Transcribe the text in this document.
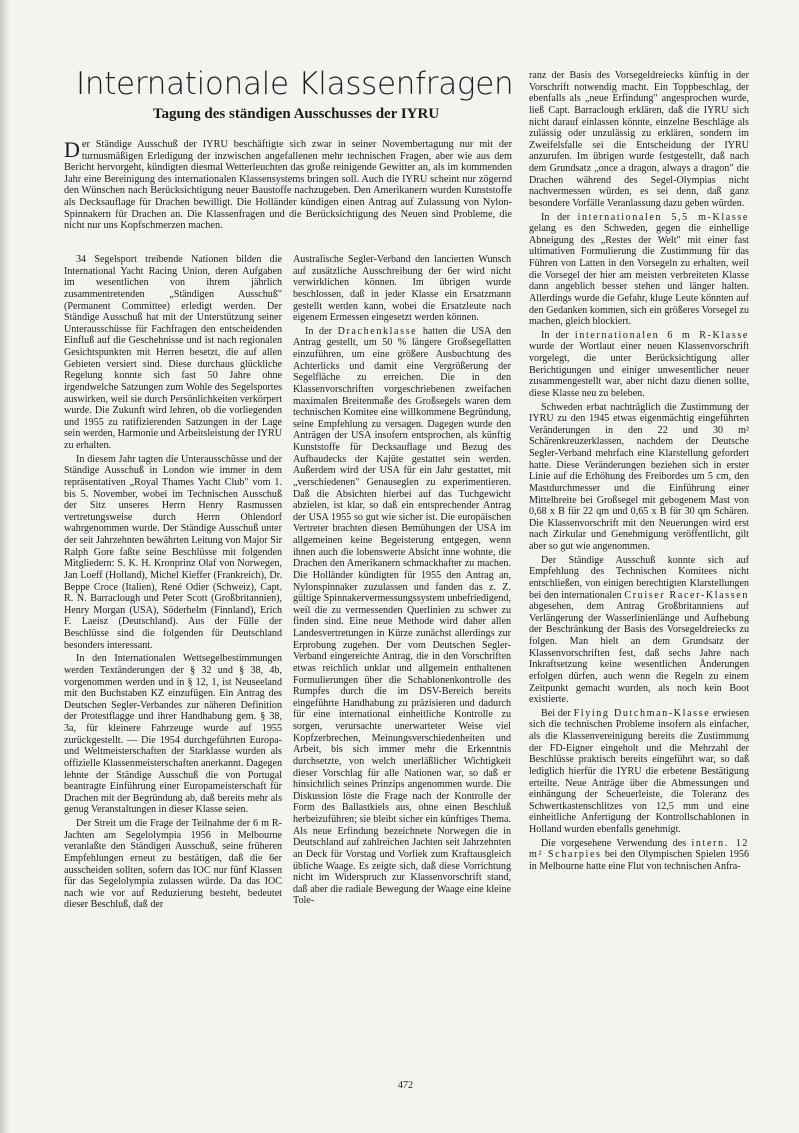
Internationale Klassenfragen
Tagung des ständigen Ausschusses der IYRU

Der Ständige Ausschuß der IYRU beschäftigte sich zwar in seiner Novembertagung nur mit der turnusmäßigen Erledigung der inzwischen angefallenen mehr technischen Fragen, aber wie aus dem Bericht hervorgeht, kündigten diesmal Wetterleuchten das große reinigende Gewitter an, als im kommenden Jahr eine Bereinigung des internationalen Klassensystems bringen soll. Auch die IYRU scheint nur zögernd den Wünschen nach Berücksichtigung neuer Baustoffe nachzugeben. Den Amerikanern wurden Kunststoffe als Decksauflage für Drachen bewilligt. Die Holländer kündigen einen Antrag auf Zulassung von Nylon-Spinnakern für Drachen an. Die Klassenfragen und die Berücksichtigung des Neuen sind Probleme, die nicht nur uns Kopfschmerzen machen.

34 Segelsport treibende Nationen bilden die International Yacht Racing Union, deren Aufgaben im wesentlichen von ihrem jährlich zusammentretenden „Ständigen Ausschuß" (Permanent Committee) erledigt werden. Der Ständige Ausschuß hat mit der Unterstützung seiner Unterausschüsse für Fachfragen den entscheidenden Einfluß auf die Geschehnisse und ist nach regionalen Gesichtspunkten mit Herren besetzt, die auf allen Gebieten versiert sind. Diese durchaus glückliche Regelung konnte sich fast 50 Jahre ohne irgendwelche Satzungen zum Wohle des Segelsportes auswirken, weil sie durch Persönlichkeiten verkörpert wurde. Die Zukunft wird lehren, ob die vorliegenden und 1955 zu ratifizierenden Satzungen in der Lage sein werden, Harmonie und Arbeitsleistung der IYRU zu erhalten.

In diesem Jahr tagten die Unterausschüsse und der Ständige Ausschuß in London wie immer in dem repräsentativen „Royal Thames Yacht Club" vom 1. bis 5. November, wobei im Technischen Ausschuß der Sitz unseres Herrn Henry Rasmussen vertretungsweise durch Herrn Ohlendorf wahrgenommen wurde. Der Ständige Ausschuß unter der seit Jahrzehnten bewährten Leitung von Major Sir Ralph Gore faßte seine Beschlüsse mit folgenden Mitgliedern: S. K. H. Kronprinz Olaf von Norwegen, Jan Loeff (Holland), Michel Kieffer (Frankreich), Dr. Beppe Croce (Italien), René Odier (Schweiz), Capt. R. N. Barraclough und Peter Scott (Großbritannien), Henry Morgan (USA), Söderhelm (Finnland), Erich F. Laeisz (Deutschland). Aus der Fülle der Beschlüsse sind die folgenden für Deutschland besonders interessant.

In den Internationalen Wettsegelbestimmungen werden Textänderungen der § 32 und § 38, 4b, vorgenommen werden und in § 12, 1, ist Neuseeland mit den Buchstaben KZ einzufügen. Ein Antrag des Deutschen Segler-Verbandes zur näheren Definition der Protestflagge und ihrer Handhabung gem. § 38, 3a, für kleinere Fahrzeuge wurde auf 1955 zurückgestellt. — Die 1954 durchgeführten Europa- und Weltmeisterschaften der Starklasse wurden als offizielle Klassenmeisterschaften anerkannt. Dagegen lehnte der Ständige Ausschuß die von Portugal beantragte Einführung einer Europameisterschaft für Drachen mit der Begründung ab, daß bereits mehr als genug Veranstaltungen in dieser Klasse seien.

Der Streit um die Frage der Teilnahme der 6 m R-Jachten am Segelolympia 1956 in Melbourne veranlaßte den Ständigen Ausschuß, seine früheren Empfehlungen erneut zu bestätigen, daß die 6er ausscheiden sollten, sofern das IOC nur fünf Klassen für das Segelolympia zulassen würde. Da das IOC nach wie vor auf Reduzierung besteht, bedeutet dieser Beschluß, daß der

Australische Segler-Verband den lancierten Wunsch auf zusätzliche Ausschreibung der 6er wird nicht verwirklichen können. Im übrigen wurde beschlossen, daß in jeder Klasse ein Ersatzmann gestellt werden kann, wobei die Ersatzleute nach eigenem Ermessen eingesetzt werden können.

In der Drachenklasse hatten die USA den Antrag gestellt, um 50 % längere Großsegellatten einzuführen, um eine größere Ausbuchtung des Achterlicks und damit eine Vergrößerung der Segelfläche zu erreichen. Die in den Klassenvorschriften vorgeschriebenen zweifachen maximalen Breitenmaße des Großsegels waren dem technischen Komitee eine willkommene Begründung, seine Empfehlung zu versagen. Dagegen wurde den Anträgen der USA insofern entsprochen, als künftig Kunststoffe für Decksauflage und Bezug des Aufbaudecks der Kajüte gestattet sein werden. Außerdem wird der USA für ein Jahr gestattet, mit „verschiedenen" Genauseglen zu experimentieren. Daß die Absichten hierbei auf das Tuchgewicht abzielen, ist klar, so daß ein entsprechender Antrag der USA 1955 so gut wie sicher ist. Die europäischen Vertreter brachten diesen Bemühungen der USA im allgemeinen keine Begeisterung entgegen, wenn ihnen auch die lobenswerte Absicht inne wohnte, die Drachen den Amerikanern schmackhafter zu machen. Die Holländer kündigten für 1955 den Antrag an, Nylonspinnaker zuzulassen und fanden das z. Z. gültige Spinnakervermessungssystem unbefriedigend, weil die zu vermessenden Querlinien zu schwer zu finden sind. Eine neue Methode wird daher allen Landesvertretungen in Kürze zunächst allerdings zur Erprobung zugehen. Der vom Deutschen Segler-Verband eingereichte Antrag, die in den Vorschriften etwas reichlich unklar und allgemein enthaltenen Formulierungen über die Schablonenkontrolle des Rumpfes durch die im DSV-Bereich bereits eingeführte Handhabung zu präzisieren und dadurch für eine international einheitliche Kontrolle zu sorgen, verursachte unerwarteter Weise viel Kopfzerbrechen, Meinungsverschiedenheiten und Arbeit, bis sich immer mehr die Erkenntnis durchsetzte, von welch unerläßlicher Wichtigkeit dieser Vorschlag für alle Nationen war, so daß er hinsichtlich seines Prinzips angenommen wurde. Die Diskussion löste die Frage nach der Kontrolle der Form des Ballastkiels aus, ohne einen Beschluß herbeizuführen; sie bleibt sicher ein künftiges Thema. Als neue Erfindung bezeichnete Norwegen die in Deutschland auf zahlreichen Jachten seit Jahrzehnten an Deck für Vorstag und Vorliek zum Kraftausgleich übliche Waage. Es zeigte sich, daß diese Vorrichtung nicht im Widerspruch zur Klassenvorschrift stand, daß aber die radiale Bewegung der Waage eine kleine Tole-

ranz der Basis des Vorsegeldreiecks künftig in der Vorschrift notwendig macht. Ein Toppbeschlag, der ebenfalls als „neue Erfindung" angesprochen wurde, ließ Capt. Barraclough erklären, daß die IYRU sich nicht darauf einlassen könnte, einzelne Beschläge als zulässig oder unzulässig zu erklären, sondern im Zweifelsfalle sei die Entscheidung der IYRU anzurufen. Im übrigen wurde festgestellt, daß nach dem Grundsatz „once a dragon, always a dragon" die Drachen während des Segel-Olympias nicht nachvermessen würden, es sei denn, daß ganz besondere Vorfälle Veranlassung dazu geben würden.

In der internationalen 5,5 m-Klasse gelang es den Schweden, gegen die einhellige Abneigung des „Restes der Welt" mit einer fast ultimativen Formulierung die Zustimmung für das Führen von Latten in den Vorsegeln zu erhalten, weil die Vorsegel der hier am meisten verbreiteten Klasse dann angeblich besser stehen und länger halten. Allerdings wurde die Gefahr, kluge Leute könnten auf den Gedanken kommen, sich ein größeres Vorsegel zu machen, gleich blockiert.

In der internationalen 6 m R-Klasse wurde der Wortlaut einer neuen Klassenvorschrift vorgelegt, die unter Berücksichtigung aller Berichtigungen und einiger unwesentlicher neuer zusammengestellt war, aber nicht dazu dienen sollte, diese Klasse neu zu beleben.

Schweden erbat nachträglich die Zustimmung der IYRU zu den 1945 etwas eigenmächtig eingeführten Veränderungen in den 22 und 30 m² Schärenkreuzerklassen, nachdem der Deutsche Segler-Verband mehrfach eine Klarstellung gefordert hatte. Diese Veränderungen beziehen sich in erster Linie auf die Erhöhung des Freibordes um 5 cm, den Mastdurchmesser und die Einführung einer Mittelbreite bei Großsegel mit gebogenem Mast von 0,68 x B für 22 qm und 0,65 x B für 30 qm Schären. Die Klassenvorschrift mit den Neuerungen wird erst nach Zirkular und Genehmigung veröffentlicht, gilt aber so gut wie angenommen.

Der Ständige Ausschuß konnte sich auf Empfehlung des Technischen Komitees nicht entschließen, von einigen berechtigten Klarstellungen bei den internationalen Cruiser Racer-Klassen abgesehen, dem Antrag Großbritanniens auf Verlängerung der Wasserlinienlänge und Aufhebung der Beschränkung der Basis des Vorsegeldreiecks zu folgen. Man hielt an dem Grundsatz der Klassenvorschriften fest, daß sechs Jahre nach Inkraftsetzung keine wesentlichen Änderungen erfolgen dürfen, auch wenn die Regeln zu einem Zeitpunkt gemacht wurden, als noch kein Boot existierte.

Bei der Flying Dutchman-Klasse erwiesen sich die technischen Probleme insofern als einfacher, als die Klassenvereinigung bereits die Zustimmung der FD-Eigner eingeholt und die Mehrzahl der Beschlüsse praktisch bereits eingeführt war, so daß lediglich hierfür die IYRU die erbetene Bestätigung erteilte. Neue Anträge über die Abmessungen und einhängung der Scheuerleiste, die Toleranz des Schwertkastenschlitzes von 12,5 mm und eine einheitliche Anfertigung der Kontrollschablonen in Holland wurden ebenfalls genehmigt.

Die vorgesehene Verwendung des intern. 12 m² Scharpies bei den Olympischen Spielen 1956 in Melbourne hatte eine Flut von technischen Anfra-

472
